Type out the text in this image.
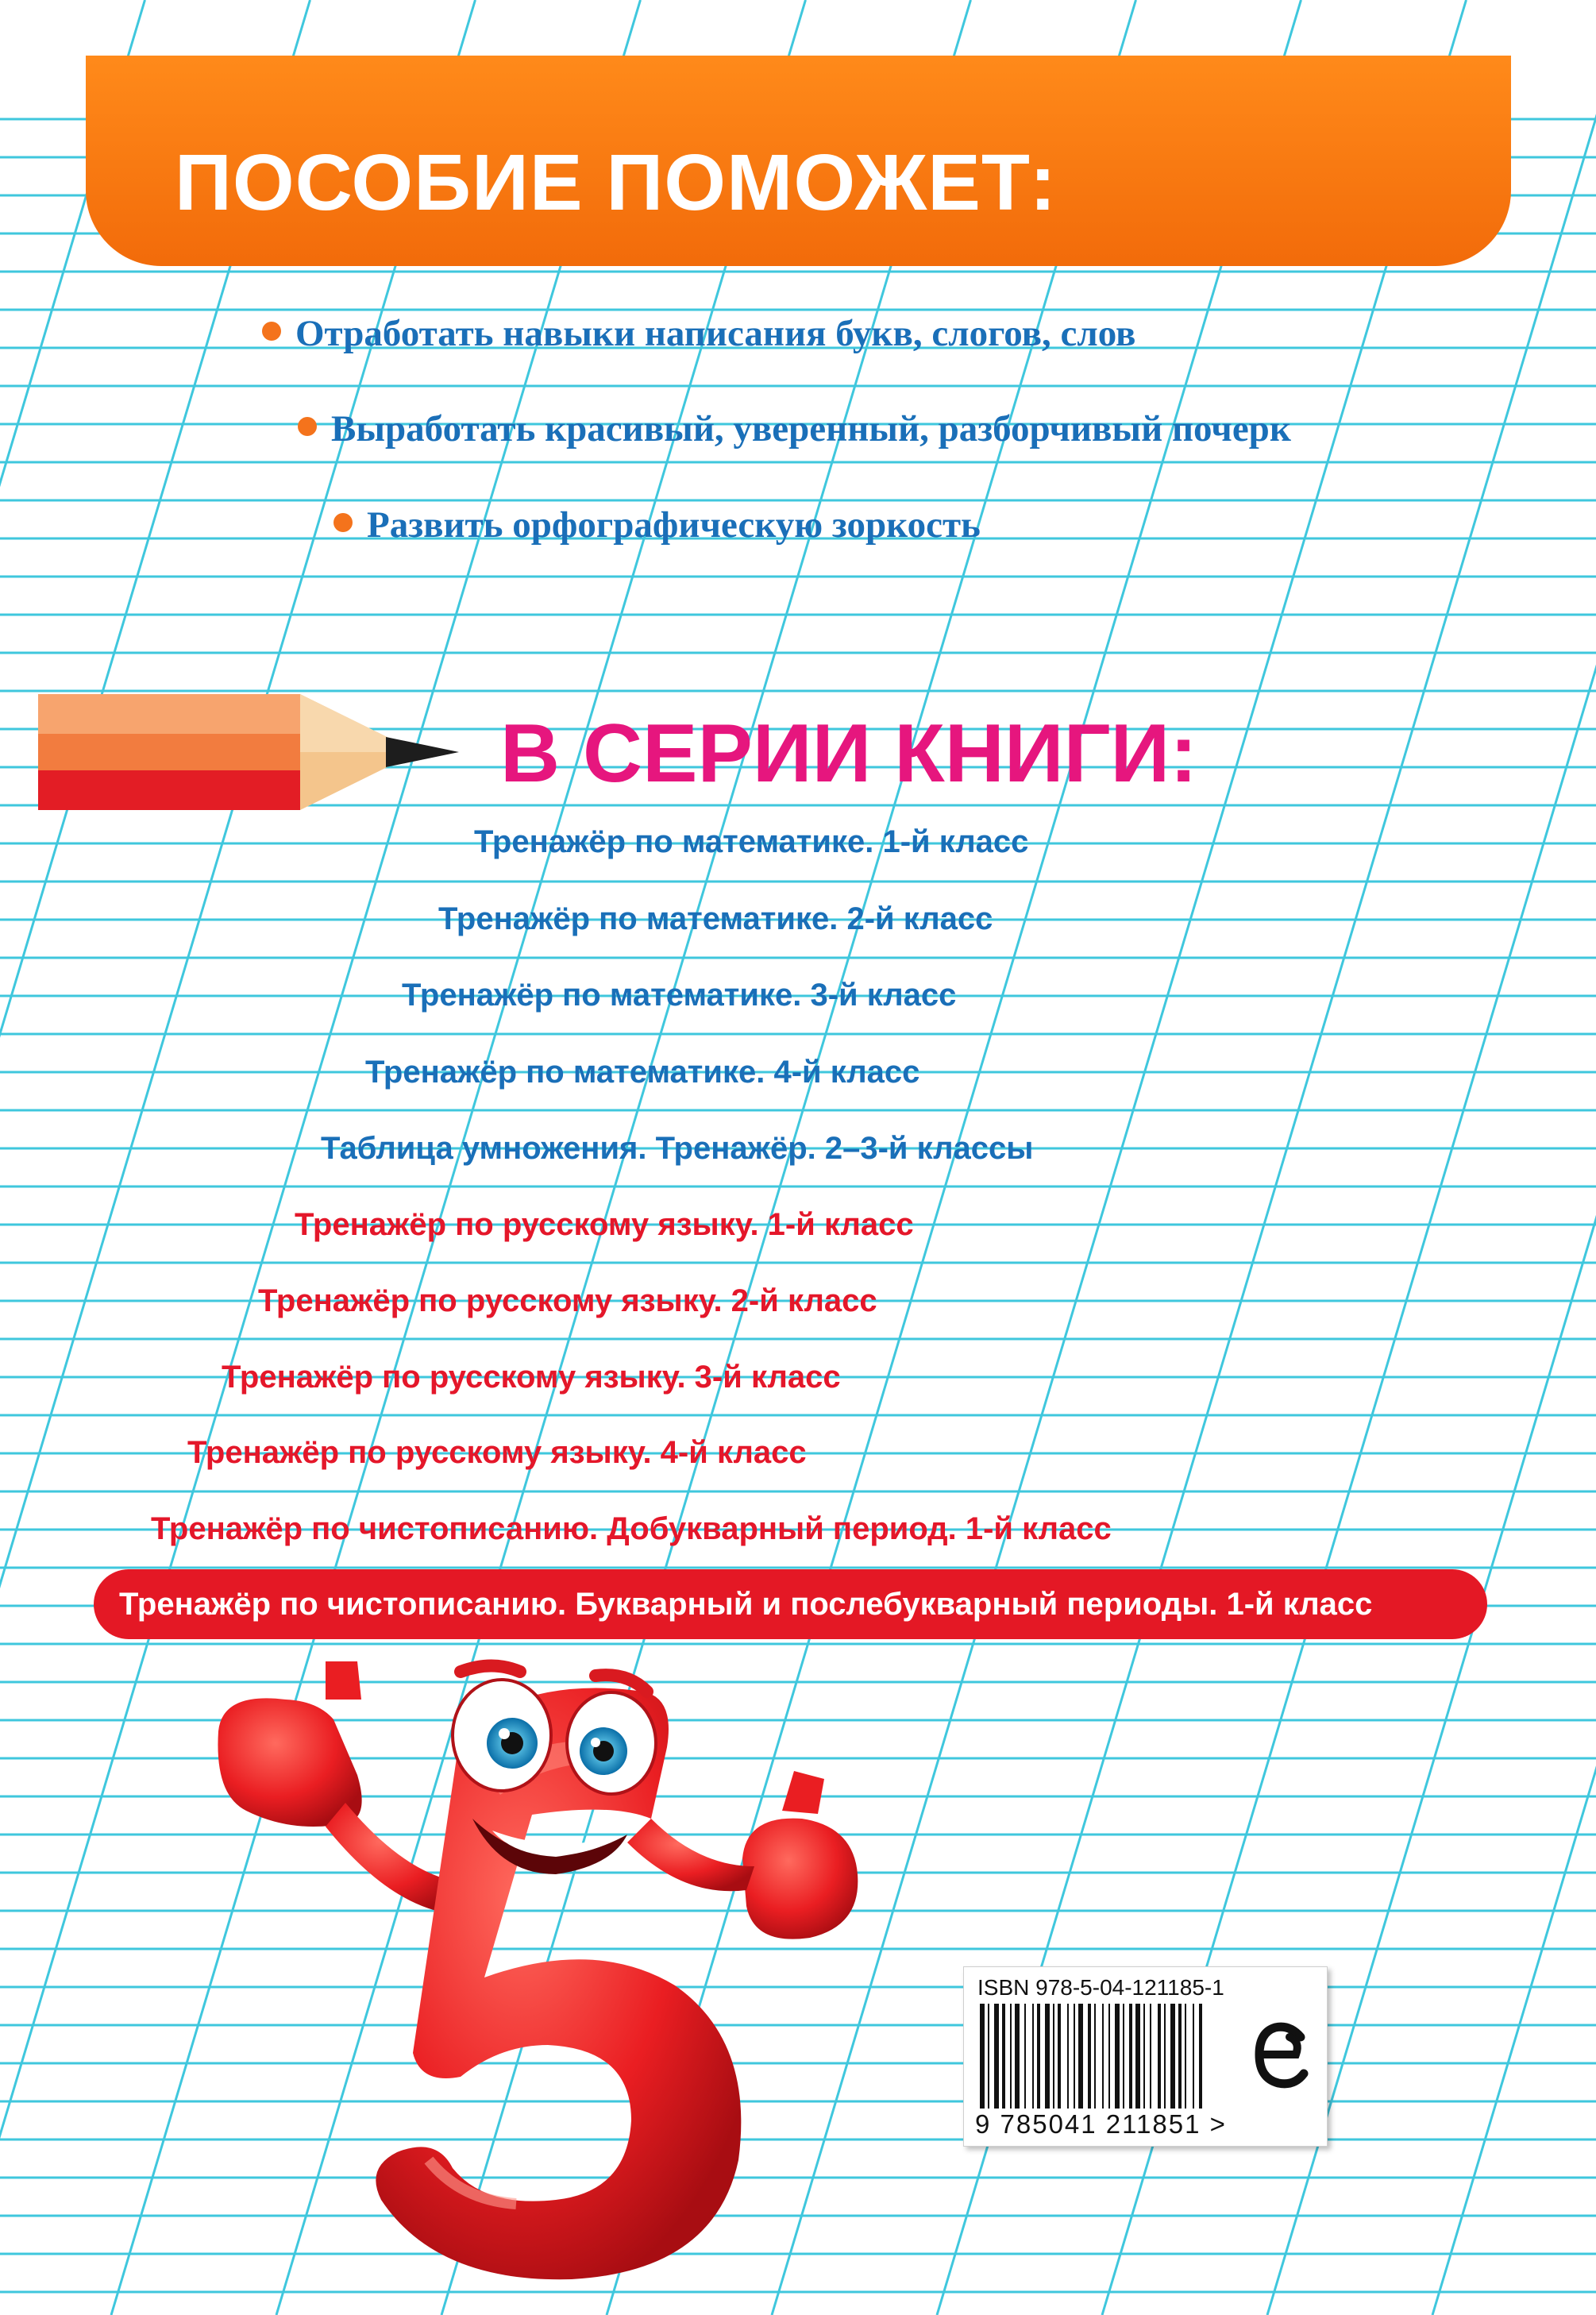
ПОСОБИЕ ПОМОЖЕТ:
Отработать навыки написания букв, слогов, слов
Выработать красивый, уверенный, разборчивый почерк
Развить орфографическую зоркость
В СЕРИИ КНИГИ:
Тренажёр по математике. 1-й класс
Тренажёр по математике. 2-й класс
Тренажёр по математике. 3-й класс
Тренажёр по математике. 4-й класс
Таблица умножения. Тренажёр. 2–3-й классы
Тренажёр по русскому языку. 1-й класс
Тренажёр по русскому языку. 2-й класс
Тренажёр по русскому языку. 3-й класс
Тренажёр по русскому языку. 4-й класс
Тренажёр по чистописанию. Добукварный период. 1-й класс
Тренажёр по чистописанию. Букварный и послебукварный периоды. 1-й класс
ISBN 978-5-04-121185-1
9 785041 211851 >
